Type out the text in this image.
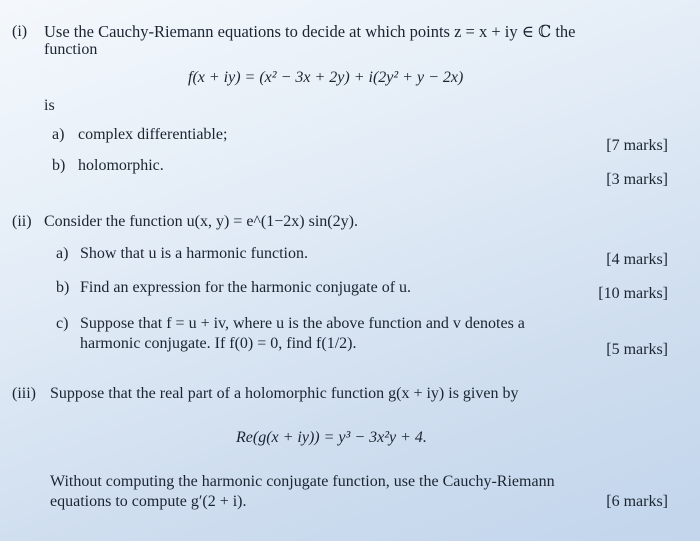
(i) Use the Cauchy-Riemann equations to decide at which points z = x + iy ∈ ℂ the
function
f(x + iy) = (x² − 3x + 2y) + i(2y² + y − 2x)
is
a) complex differentiable;
[7 marks]
b) holomorphic.
[3 marks]
(ii) Consider the function u(x, y) = e^(1−2x) sin(2y).
a) Show that u is a harmonic function.	[4 marks]
b) Find an expression for the harmonic conjugate of u.	[10 marks]
c) Suppose that f = u + iv, where u is the above function and v denotes a
harmonic conjugate. If f(0) = 0, find f(1/2).	[5 marks]
(iii) Suppose that the real part of a holomorphic function g(x + iy) is given by
Re(g(x + iy)) = y³ − 3x²y + 4.
Without computing the harmonic conjugate function, use the Cauchy-Riemann
equations to compute g′(2 + i).	[6 marks]
